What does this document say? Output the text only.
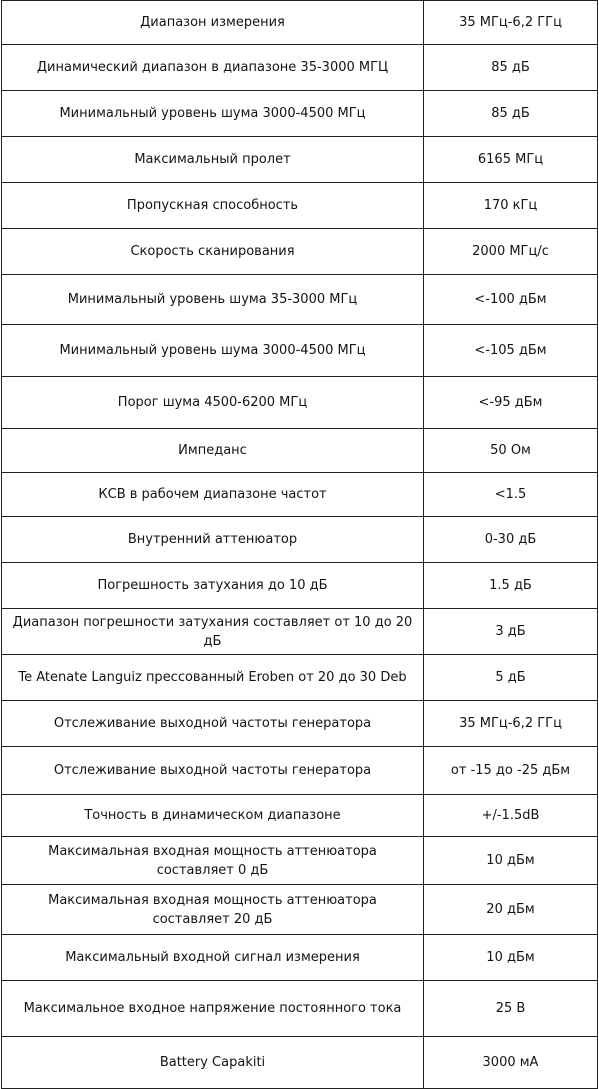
Диапазон измерения	35 МГц-6,2 ГГц
Динамический диапазон в диапазоне 35-3000 МГЦ	85 дБ
Минимальный уровень шума 3000-4500 МГц	85 дБ
Максимальный пролет	6165 МГц
Пропускная способность	170 кГц
Скорость сканирования	2000 МГц/с
Минимальный уровень шума 35-3000 МГц	<-100 дБм
Минимальный уровень шума 3000-4500 МГц	<-105 дБм
Порог шума 4500-6200 МГц	<-95 дБм
Импеданс	50 Ом
КСВ в рабочем диапазоне частот	<1.5
Внутренний аттенюатор	0-30 дБ
Погрешность затухания до 10 дБ	1.5 дБ
Диапазон погрешности затухания составляет от 10 до 20 дБ	3 дБ
Te Atenate Languiz прессованный Eroben от 20 до 30 Deb	5 дБ
Отслеживание выходной частоты генератора	35 МГц-6,2 ГГц
Отслеживание выходной частоты генератора	от -15 до -25 дБм
Точность в динамическом диапазоне	+/-1.5dB
Максимальная входная мощность аттенюатора составляет 0 дБ	10 дБм
Максимальная входная мощность аттенюатора составляет 20 дБ	20 дБм
Максимальный входной сигнал измерения	10 дБм
Максимальное входное напряжение постоянного тока	25 В
Battery Capakiti	3000 мА
